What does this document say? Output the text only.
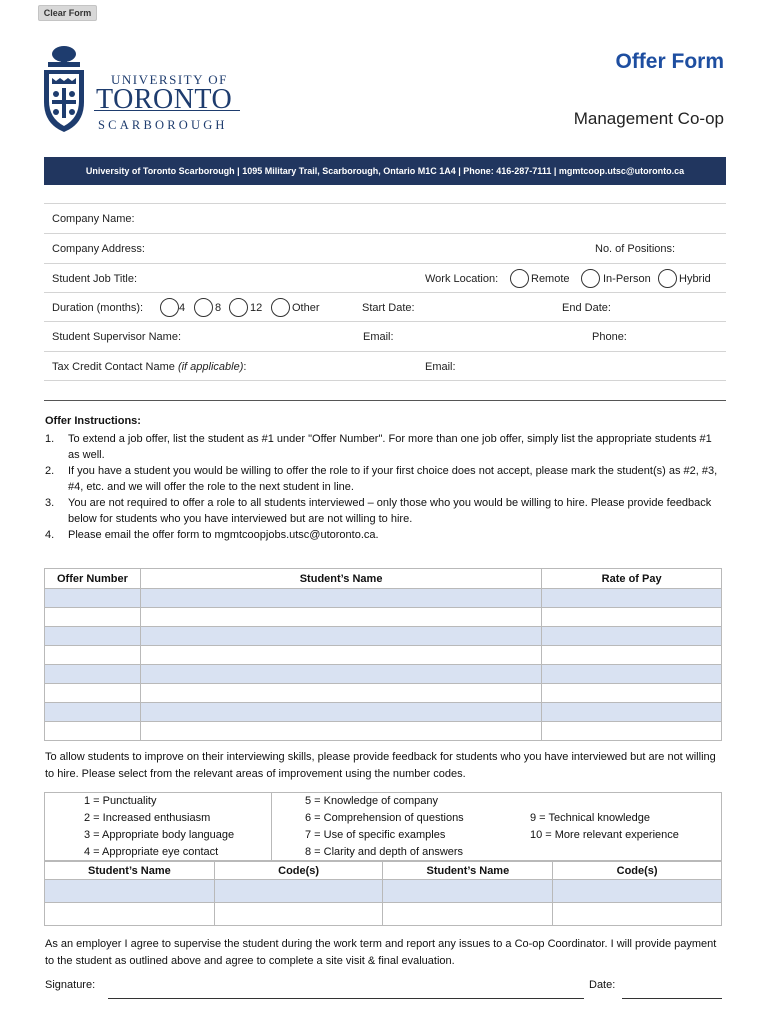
Clear Form
UNIVERSITY OF
TORONTO
SCARBOROUGH
Offer Form
Management Co-op
University of Toronto Scarborough | 1095 Military Trail, Scarborough, Ontario M1C 1A4 | Phone: 416-287-7111 | mgmtcoop.utsc@utoronto.ca
Company Name:
Company Address:	No. of Positions:
Student Job Title:	Work Location:	Remote	In-Person	Hybrid
Duration (months):	4	8	12	Other	Start Date:	End Date:
Student Supervisor Name:	Email:	Phone:
Tax Credit Contact Name (if applicable):	Email:
Offer Instructions:
1. To extend a job offer, list the student as #1 under "Offer Number". For more than one job offer, simply list the appropriate students #1 as well.
2. If you have a student you would be willing to offer the role to if your first choice does not accept, please mark the student(s) as #2, #3, #4, etc. and we will offer the role to the next student in line.
3. You are not required to offer a role to all students interviewed – only those who you would be willing to hire. Please provide feedback below for students who you have interviewed but are not willing to hire.
4. Please email the offer form to mgmtcoopjobs.utsc@utoronto.ca.
Offer Number	Student’s Name	Rate of Pay

To allow students to improve on their interviewing skills, please provide feedback for students who you have interviewed but are not willing to hire. Please select from the relevant areas of improvement using the number codes.
1 = Punctuality
2 = Increased enthusiasm
3 = Appropriate body language
4 = Appropriate eye contact
5 = Knowledge of company
6 = Comprehension of questions
7 = Use of specific examples
8 = Clarity and depth of answers
9 = Technical knowledge
10 = More relevant experience
Student’s Name	Code(s)	Student’s Name	Code(s)

As an employer I agree to supervise the student during the work term and report any issues to a Co-op Coordinator. I will provide payment to the student as outlined above and agree to complete a site visit & final evaluation.
Signature:	Date:
